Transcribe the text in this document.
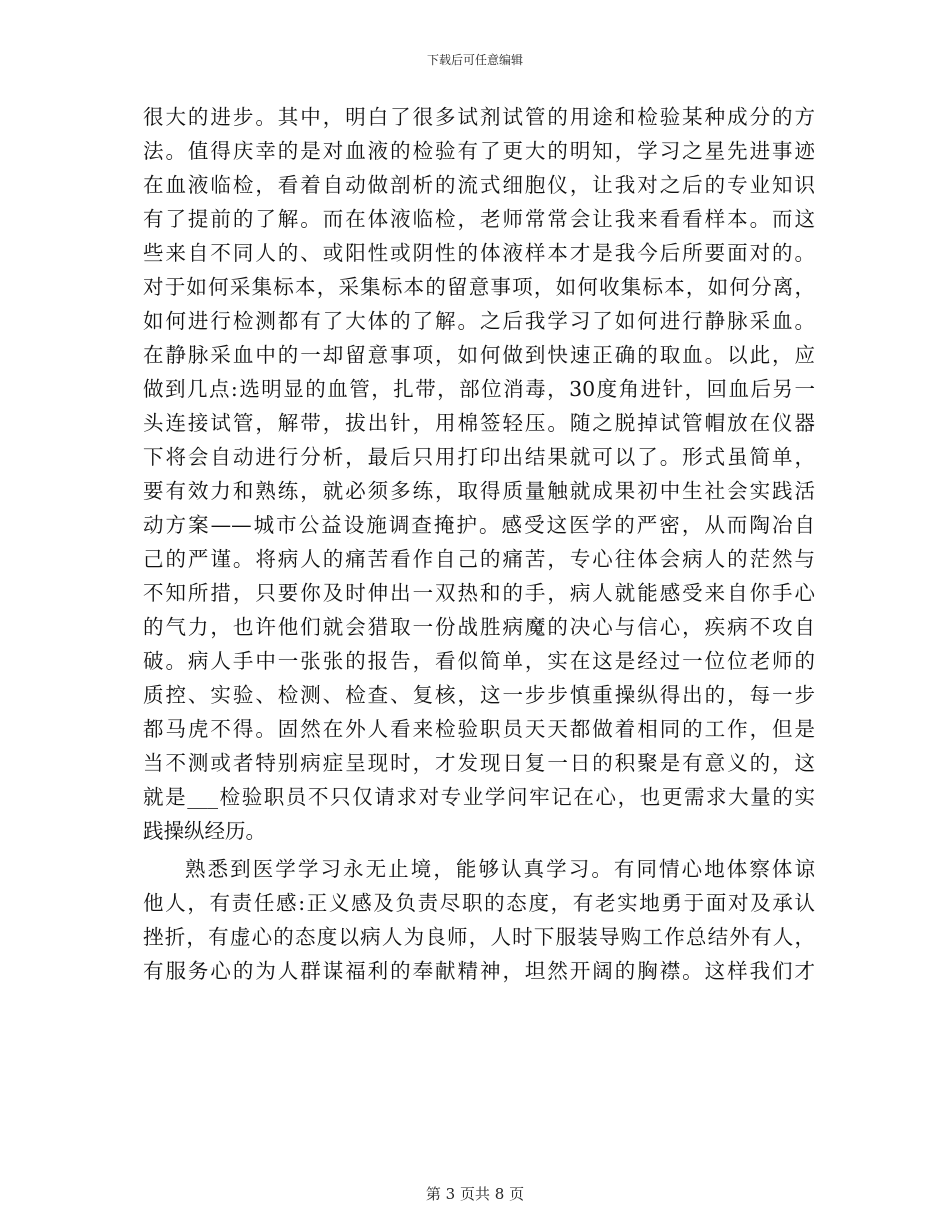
下载后可任意编辑
很大的进步。其中，明白了很多试剂试管的用途和检验某种成分的方
法。值得庆幸的是对血液的检验有了更大的明知，学习之星先进事迹
在血液临检，看着自动做剖析的流式细胞仪，让我对之后的专业知识
有了提前的了解。而在体液临检，老师常常会让我来看看样本。而这
些来自不同人的、或阳性或阴性的体液样本才是我今后所要面对的。
对于如何采集标本，采集标本的留意事项，如何收集标本，如何分离，
如何进行检测都有了大体的了解。之后我学习了如何进行静脉采血。
在静脉采血中的一却留意事项，如何做到快速正确的取血。以此，应
做到几点:选明显的血管，扎带，部位消毒，30度角进针，回血后另一
头连接试管，解带，拔出针，用棉签轻压。随之脱掉试管帽放在仪器
下将会自动进行分析，最后只用打印出结果就可以了。形式虽简单，
要有效力和熟练，就必须多练，取得质量触就成果初中生社会实践活
动方案——城市公益设施调查掩护。感受这医学的严密，从而陶冶自
己的严谨。将病人的痛苦看作自己的痛苦，专心往体会病人的茫然与
不知所措，只要你及时伸出一双热和的手，病人就能感受来自你手心
的气力，也许他们就会猎取一份战胜病魔的决心与信心，疾病不攻自
破。病人手中一张张的报告，看似简单，实在这是经过一位位老师的
质控、实验、检测、检查、复核，这一步步慎重操纵得出的，每一步
都马虎不得。固然在外人看来检验职员天天都做着相同的工作，但是
当不测或者特别病症呈现时，才发现日复一日的积聚是有意义的，这
就是___检验职员不只仅请求对专业学问牢记在心，也更需求大量的实
践操纵经历。
熟悉到医学学习永无止境，能够认真学习。有同情心地体察体谅
他人，有责任感:正义感及负责尽职的态度，有老实地勇于面对及承认
挫折，有虚心的态度以病人为良师，人时下服装导购工作总结外有人，
有服务心的为人群谋福利的奉献精神，坦然开阔的胸襟。这样我们才
第 3 页共 8 页
